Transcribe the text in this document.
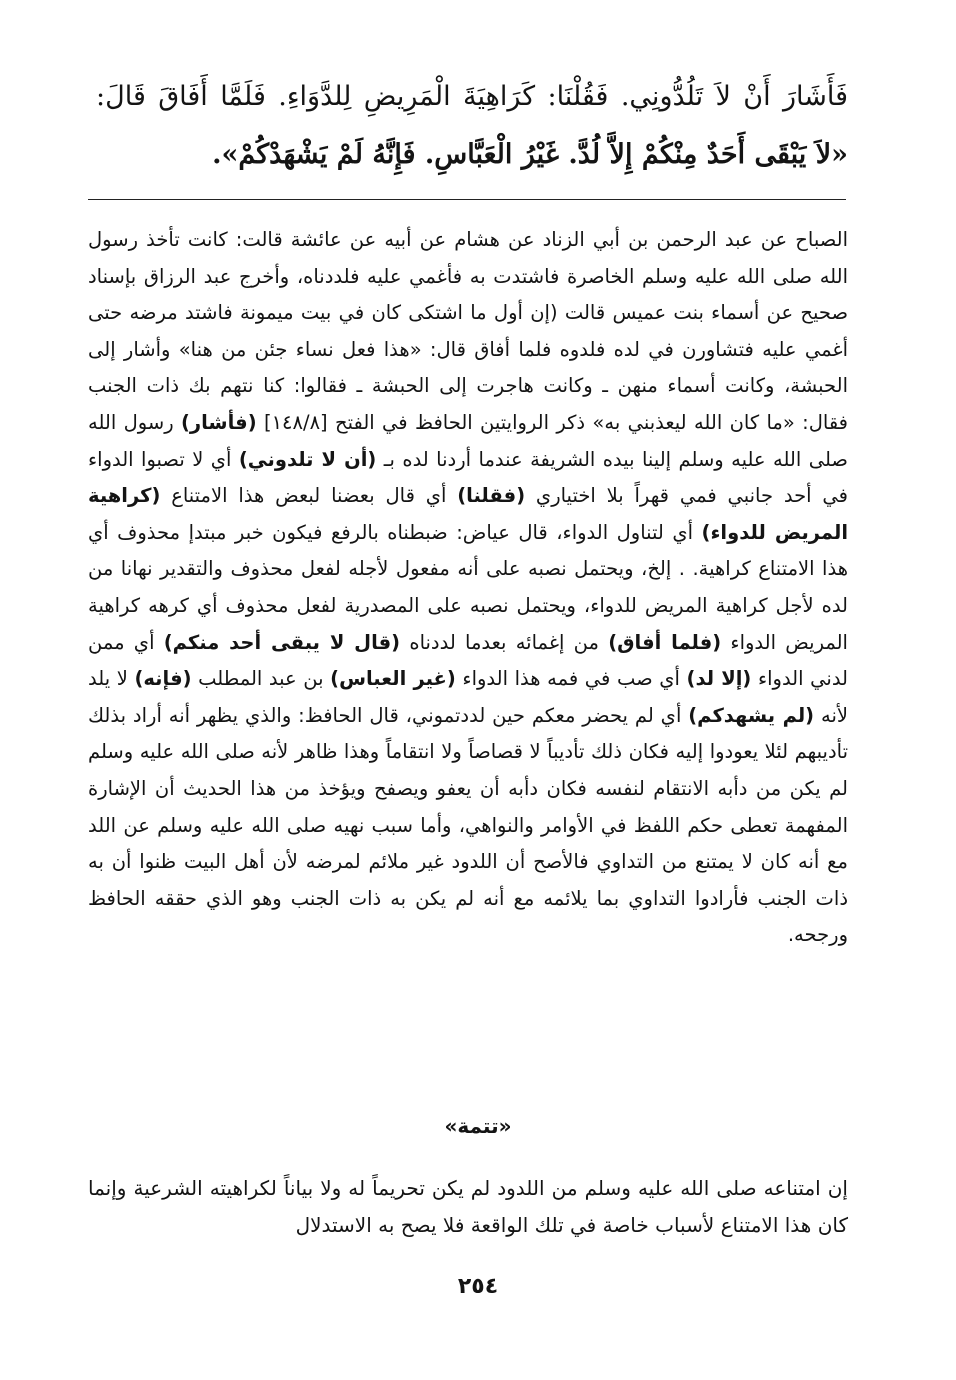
فَأَشَارَ أَنْ لاَ تَلُدُّونِي. فَقُلْنَا: كَرَاهِيَةَ الْمَرِيضِ لِلدَّوَاءِ. فَلَمَّا أَفَاقَ قَالَ: «لاَ يَبْقَى أَحَدٌ مِنْكُمْ إِلاَّ لُدَّ. غَيْرُ الْعَبَّاسِ. فَإِنَّهُ لَمْ يَشْهَدْكُمْ».

الصباح عن عبد الرحمن بن أبي الزناد عن هشام عن أبيه عن عائشة قالت: كانت تأخذ رسول الله صلى الله عليه وسلم الخاصرة فاشتدت به فأغمي عليه فلددناه، وأخرج عبد الرزاق بإسناد صحيح عن أسماء بنت عميس قالت (إن أول ما اشتكى كان في بيت ميمونة فاشتد مرضه حتى أغمي عليه فتشاورن في لده فلدوه فلما أفاق قال: «هذا فعل نساء جئن من هنا» وأشار إلى الحبشة، وكانت أسماء منهن ـ وكانت هاجرت إلى الحبشة ـ فقالوا: كنا نتهم بك ذات الجنب فقال: «ما كان الله ليعذبني به» ذكر الروايتين الحافظ في الفتح [١٤٨/٨] (فأشار) رسول الله صلى الله عليه وسلم إلينا بيده الشريفة عندما أردنا لده بـ (أن لا تلدوني) أي لا تصبوا الدواء في أحد جانبي فمي قهراً بلا اختياري (فقلنا) أي قال بعضنا لبعض هذا الامتناع (كراهية المريض للدواء) أي لتناول الدواء، قال عياض: ضبطناه بالرفع فيكون خبر مبتدإ محذوف أي هذا الامتناع كراهية. . إلخ، ويحتمل نصبه على أنه مفعول لأجله لفعل محذوف والتقدير نهانا من لده لأجل كراهية المريض للدواء، ويحتمل نصبه على المصدرية لفعل محذوف أي كرهه كراهية المريض الدواء (فلما أفاق) من إغمائه بعدما لددناه (قال لا يبقى أحد منكم) أي ممن لدني الدواء (إلا لد) أي صب في فمه هذا الدواء (غير العباس) بن عبد المطلب (فإنه) لا يلد لأنه (لم يشهدكم) أي لم يحضر معكم حين لددتموني، قال الحافظ: والذي يظهر أنه أراد بذلك تأديبهم لئلا يعودوا إليه فكان ذلك تأديباً لا قصاصاً ولا انتقاماً وهذا ظاهر لأنه صلى الله عليه وسلم لم يكن من دأبه الانتقام لنفسه فكان دأبه أن يعفو ويصفح ويؤخذ من هذا الحديث أن الإشارة المفهمة تعطى حكم اللفظ في الأوامر والنواهي، وأما سبب نهيه صلى الله عليه وسلم عن اللد مع أنه كان لا يمتنع من التداوي فالأصح أن اللدود غير ملائم لمرضه لأن أهل البيت ظنوا أن به ذات الجنب فأرادوا التداوي بما يلائمه مع أنه لم يكن به ذات الجنب وهو الذي حققه الحافظ ورجحه.

«تتمة»

إن امتناعه صلى الله عليه وسلم من اللدود لم يكن تحريماً له ولا بياناً لكراهيته الشرعية وإنما كان هذا الامتناع لأسباب خاصة في تلك الواقعة فلا يصح به الاستدلال

٢٥٤
